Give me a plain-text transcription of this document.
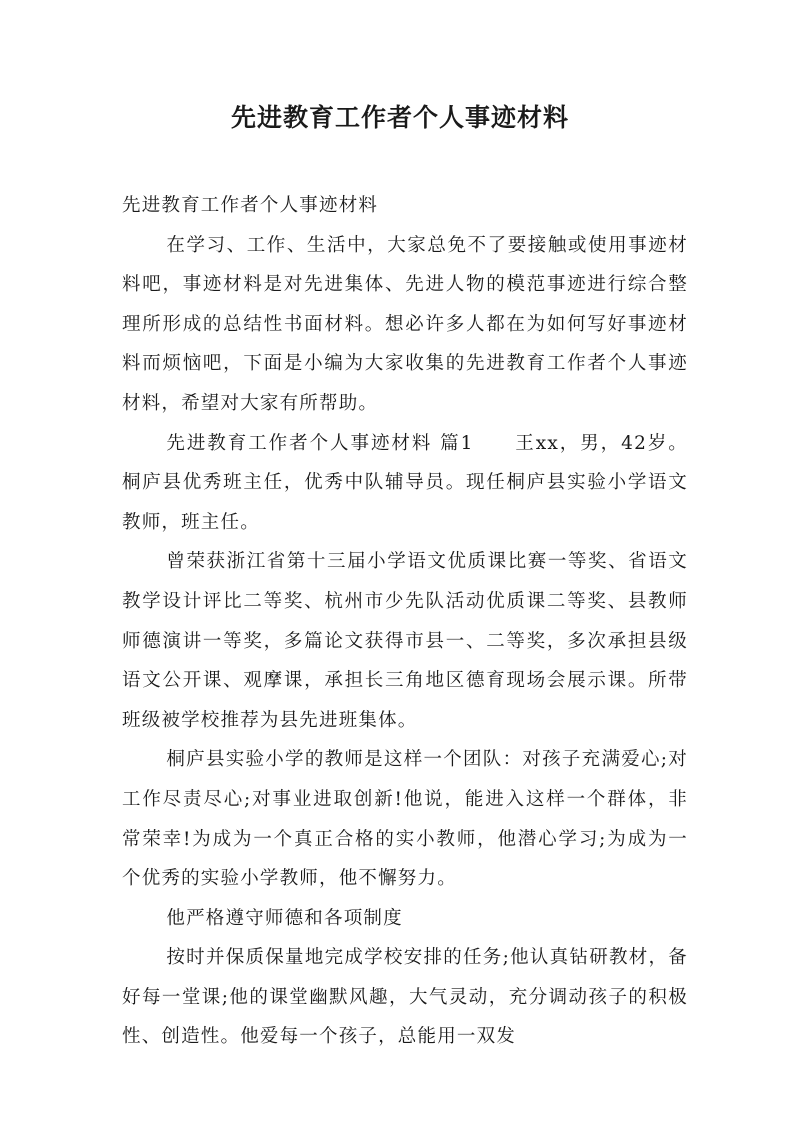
先进教育工作者个人事迹材料

先进教育工作者个人事迹材料

在学习、工作、生活中，大家总免不了要接触或使用事迹材料吧，事迹材料是对先进集体、先进人物的模范事迹进行综合整理所形成的总结性书面材料。想必许多人都在为如何写好事迹材料而烦恼吧，下面是小编为大家收集的先进教育工作者个人事迹材料，希望对大家有所帮助。

先进教育工作者个人事迹材料 篇1　　王xx，男，42岁。桐庐县优秀班主任，优秀中队辅导员。现任桐庐县实验小学语文教师，班主任。

曾荣获浙江省第十三届小学语文优质课比赛一等奖、省语文教学设计评比二等奖、杭州市少先队活动优质课二等奖、县教师师德演讲一等奖，多篇论文获得市县一、二等奖，多次承担县级语文公开课、观摩课，承担长三角地区德育现场会展示课。所带班级被学校推荐为县先进班集体。

桐庐县实验小学的教师是这样一个团队：对孩子充满爱心;对工作尽责尽心;对事业进取创新!他说，能进入这样一个群体，非常荣幸!为成为一个真正合格的实小教师，他潜心学习;为成为一个优秀的实验小学教师，他不懈努力。

他严格遵守师德和各项制度

按时并保质保量地完成学校安排的任务;他认真钻研教材，备好每一堂课;他的课堂幽默风趣，大气灵动，充分调动孩子的积极性、创造性。他爱每一个孩子，总能用一双发
